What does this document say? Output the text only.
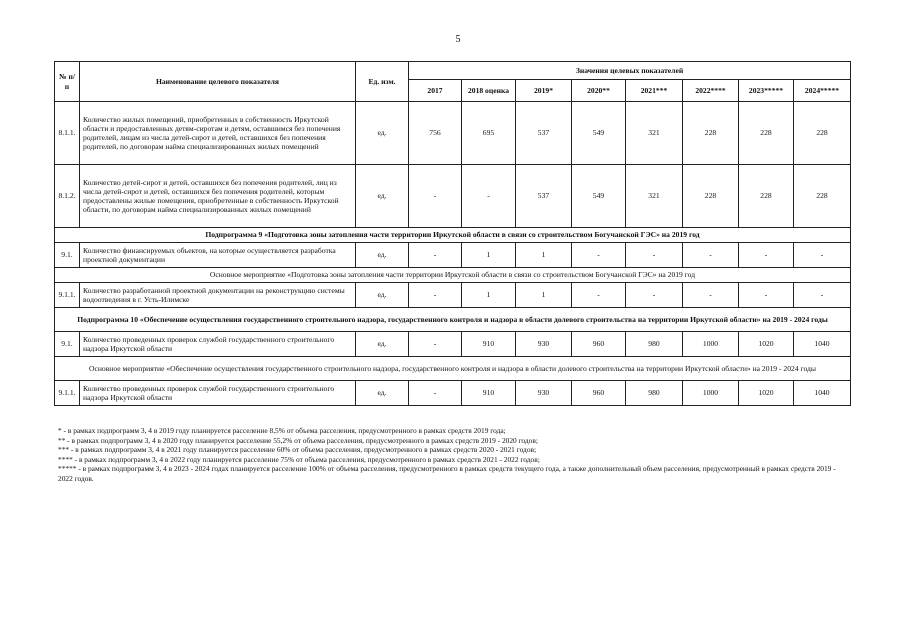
5
№ п/п	Наименование целевого показателя	Ед. изм.	Значения целевых показателей							
			2017	2018 оценка	2019*	2020**	2021***	2022****	2023*****	2024*****
8.1.1.	Количество жилых помещений, приобретенных в собственность Иркутской области и предоставленных детям-сиротам и детям, оставшимся без попечения родителей, лицам из числа детей-сирот и детей, оставшихся без попечения родителей, по договорам найма специализированных жилых помещений	ед.	756	695	537	549	321	228	228	228
8.1.2.	Количество детей-сирот и детей, оставшихся без попечения родителей, лиц из числа детей-сирот и детей, оставшихся без попечения родителей, которым предоставлены жилые помещения, приобретенные в собственность Иркутской области, по договорам найма специализированных жилых помещений	ед.	-	-	537	549	321	228	228	228
Подпрограмма 9 «Подготовка зоны затопления части территории Иркутской области в связи со строительством Богучанской ГЭС» на 2019 год										
9.1.	Количество финансируемых объектов, на которые осуществляется разработка проектной документации	ед.	-	1	1	-	-	-	-	-
Основное мероприятие «Подготовка зоны затопления части территории Иркутской области в связи со строительством Богучанской ГЭС» на 2019 год										
9.1.1.	Количество разработанной проектной документации на реконструкцию системы водоотведения в г. Усть-Илимске	ед.	-	1	1	-	-	-	-	-
Подпрограмма 10 «Обеспечение осуществления государственного строительного надзора, государственного контроля и надзора в области долевого строительства на территории Иркутской области» на 2019 - 2024 годы										
9.1.	Количество проведенных проверок службой государственного строительного надзора Иркутской области	ед.	-	910	930	960	980	1000	1020	1040
Основное мероприятие «Обеспечение осуществления государственного строительного надзора, государственного контроля и надзора в области долевого строительства на территории Иркутской области» на 2019 - 2024 годы										
9.1.1.	Количество проведенных проверок службой государственного строительного надзора Иркутской области	ед.	-	910	930	960	980	1000	1020	1040
* - в рамках подпрограмм 3, 4 в 2019 году планируется расселение 8,5% от объема расселения, предусмотренного в рамках средств 2019 года;
** - в рамках подпрограмм 3, 4 в 2020 году планируется расселение 55,2% от объема расселения, предусмотренного в рамках средств 2019 - 2020 годов;
*** - в рамках подпрограмм 3, 4 в 2021 году планируется расселение 60% от объема расселения, предусмотренного в рамках средств 2020 - 2021 годов;
**** - в рамках подпрограмм 3, 4 в 2022 году планируется расселение 75% от объема расселения, предусмотренного в рамках средств 2021 - 2022 годов;
***** - в рамках подпрограмм 3, 4 в 2023 - 2024 годах планируется расселение 100% от объема расселения, предусмотренного в рамках средств текущего года, а также дополнительный объем расселения, предусмотренный в рамках средств 2019 - 2022 годов.
